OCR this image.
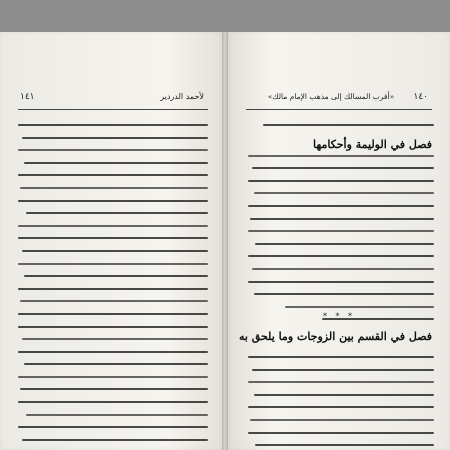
١٤١	لأحمد الدردير
	١٤٠
«أقرب المسالك إلى مذهب الإمام مالك»
فصل في الوليمة وأحكامها
* * *
فصل في القسم بين الزوجات وما يلحق به
